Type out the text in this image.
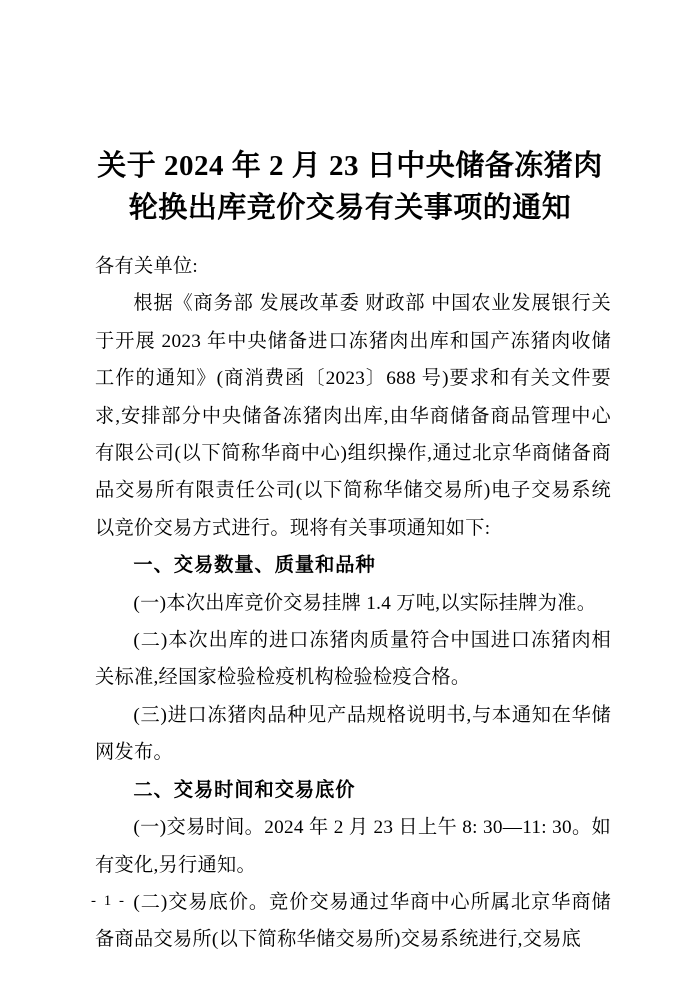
关于 2024 年 2 月 23 日中央储备冻猪肉
轮换出库竞价交易有关事项的通知

各有关单位:

根据《商务部 发展改革委 财政部 中国农业发展银行关于开展 2023 年中央储备进口冻猪肉出库和国产冻猪肉收储工作的通知》(商消费函〔2023〕688 号)要求和有关文件要求,安排部分中央储备冻猪肉出库,由华商储备商品管理中心有限公司(以下简称华商中心)组织操作,通过北京华商储备商品交易所有限责任公司(以下简称华储交易所)电子交易系统以竞价交易方式进行。现将有关事项通知如下:

一、交易数量、质量和品种

(一)本次出库竞价交易挂牌 1.4 万吨,以实际挂牌为准。

(二)本次出库的进口冻猪肉质量符合中国进口冻猪肉相关标准,经国家检验检疫机构检验检疫合格。

(三)进口冻猪肉品种见产品规格说明书,与本通知在华储网发布。

二、交易时间和交易底价

(一)交易时间。2024 年 2 月 23 日上午 8: 30—11: 30。如有变化,另行通知。

(二)交易底价。竞价交易通过华商中心所属北京华商储备商品交易所(以下简称华储交易所)交易系统进行,交易底

- 1 -
